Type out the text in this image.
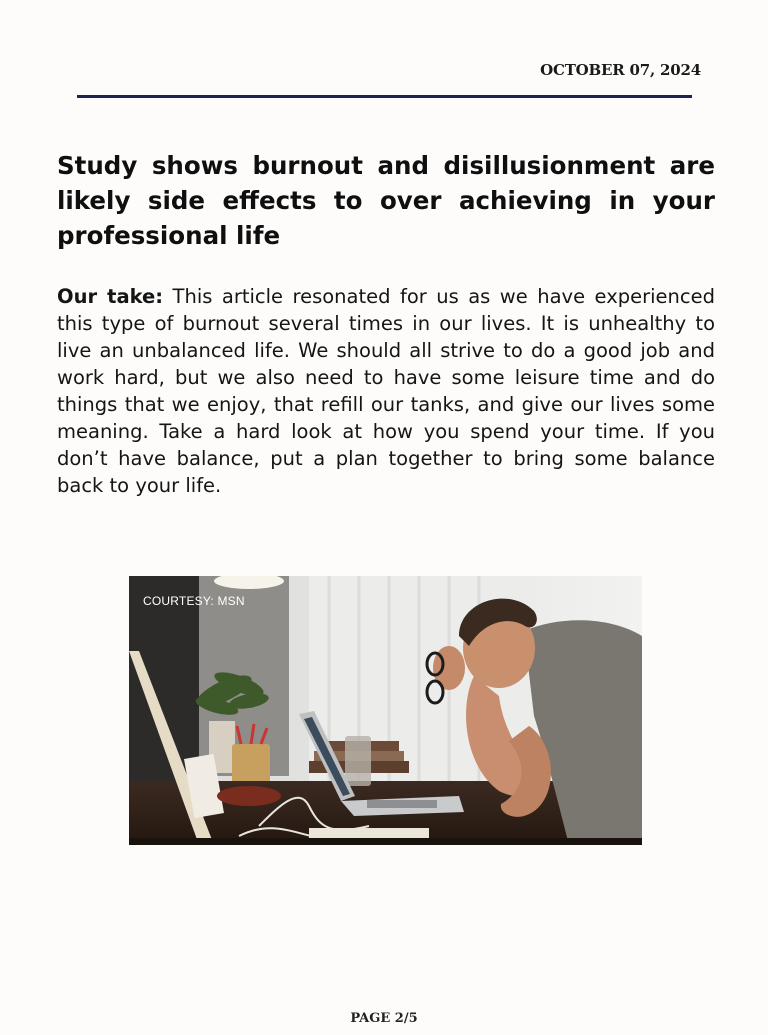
OCTOBER 07, 2024
Study shows burnout and disillusionment are likely side effects to over achieving in your professional life

Our take: This article resonated for us as we have experienced this type of burnout several times in our lives. It is unhealthy to live an unbalanced life. We should all strive to do a good job and work hard, but we also need to have some leisure time and do things that we enjoy, that refill our tanks, and give our lives some meaning. Take a hard look at how you spend your time. If you don’t have balance, put a plan together to bring some balance back to your life.

COURTESY: MSN
PAGE 2/5
